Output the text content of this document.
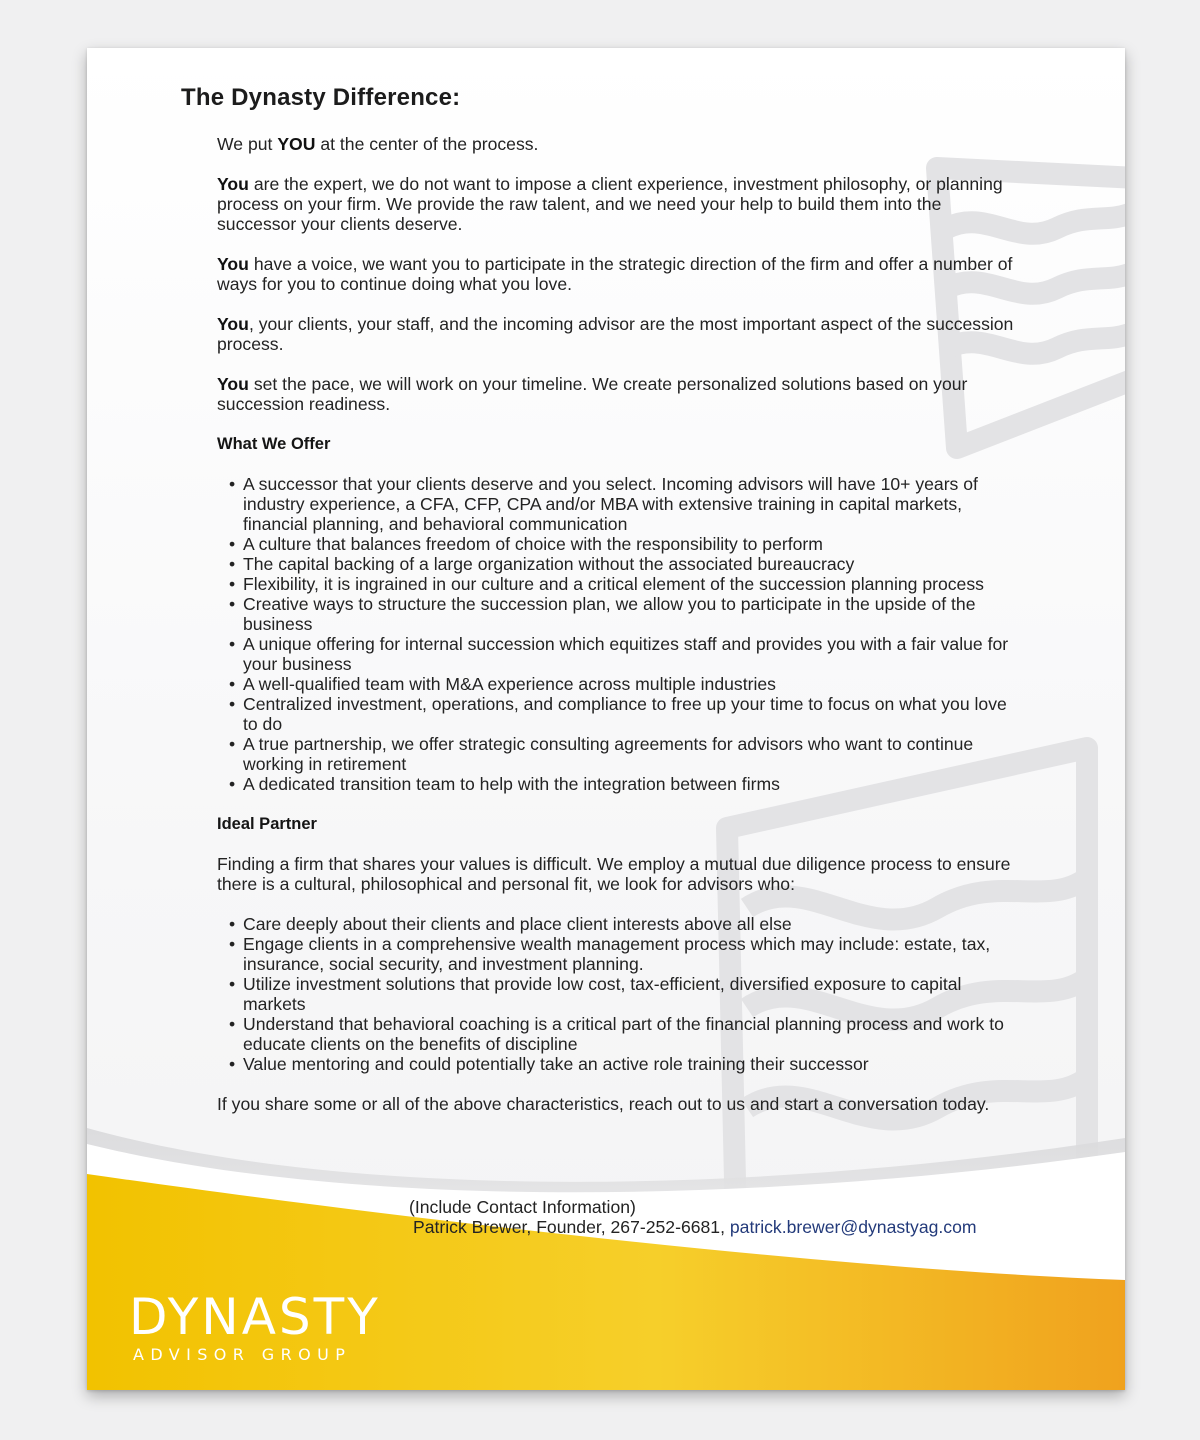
The Dynasty Difference:

We put YOU at the center of the process.

You are the expert, we do not want to impose a client experience, investment philosophy, or planning process on your firm. We provide the raw talent, and we need your help to build them into the successor your clients deserve.

You have a voice, we want you to participate in the strategic direction of the firm and offer a number of ways for you to continue doing what you love.

You, your clients, your staff, and the incoming advisor are the most important aspect of the succession process.

You set the pace, we will work on your timeline. We create personalized solutions based on your succession readiness.

What We Offer
• A successor that your clients deserve and you select. Incoming advisors will have 10+ years of industry experience, a CFA, CFP, CPA and/or MBA with extensive training in capital markets, financial planning, and behavioral communication
• A culture that balances freedom of choice with the responsibility to perform
• The capital backing of a large organization without the associated bureaucracy
• Flexibility, it is ingrained in our culture and a critical element of the succession planning process
• Creative ways to structure the succession plan, we allow you to participate in the upside of the business
• A unique offering for internal succession which equitizes staff and provides you with a fair value for your business
• A well-qualified team with M&A experience across multiple industries
• Centralized investment, operations, and compliance to free up your time to focus on what you love to do
• A true partnership, we offer strategic consulting agreements for advisors who want to continue working in retirement
• A dedicated transition team to help with the integration between firms
Ideal Partner

Finding a firm that shares your values is difficult. We employ a mutual due diligence process to ensure there is a cultural, philosophical and personal fit, we look for advisors who:

• Care deeply about their clients and place client interests above all else
• Engage clients in a comprehensive wealth management process which may include: estate, tax, insurance, social security, and investment planning.
• Utilize investment solutions that provide low cost, tax-efficient, diversified exposure to capital markets
• Understand that behavioral coaching is a critical part of the financial planning process and work to educate clients on the benefits of discipline
• Value mentoring and could potentially take an active role training their successor

If you share some or all of the above characteristics, reach out to us and start a conversation today.

(Include Contact Information)
Patrick Brewer, Founder, 267-252-6681, patrick.brewer@dynastyag.com
DYNASTY
ADVISOR GROUP
